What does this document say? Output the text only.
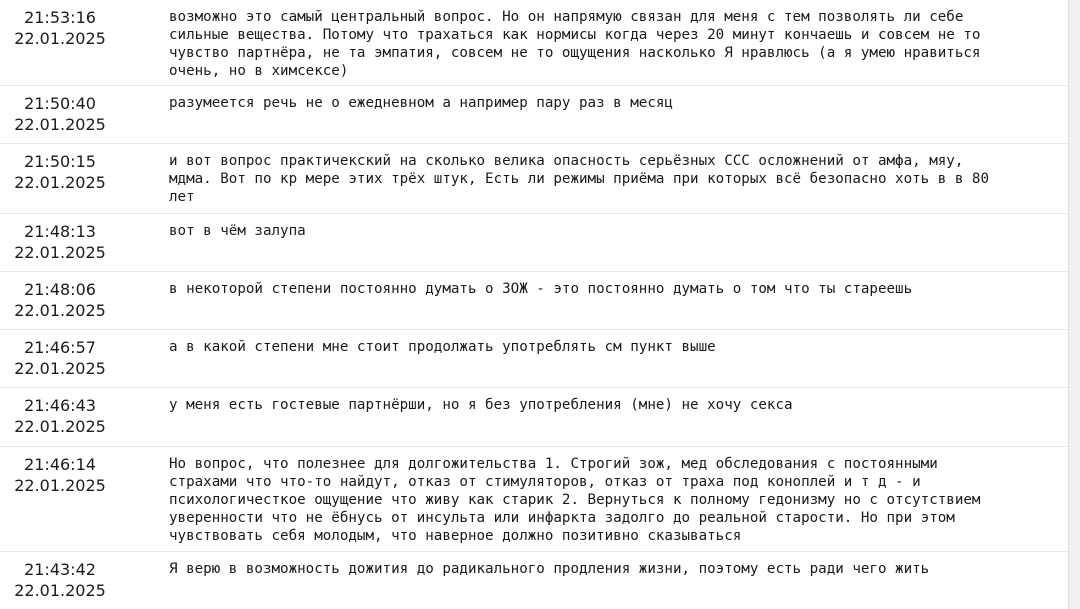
21:53:16
22.01.2025
возможно это самый центральный вопрос. Но он напрямую связан для меня с тем позволять ли себе
сильные вещества. Потому что трахаться как нормисы когда через 20 минут кончаешь и совсем не то
чувство партнёра, не та эмпатия, совсем не то ощущения насколько Я нравлюсь (а я умею нравиться
очень, но в химсексе)
21:50:40
22.01.2025
разумеется речь не о ежедневном а например пару раз в месяц
21:50:15
22.01.2025
и вот вопрос практичекский на сколько велика опасность серьёзных ССС осложнений от амфа, мяу,
мдма. Вот по кр мере этих трёх штук, Есть ли режимы приёма при которых всё безопасно хоть в в 80
лет
21:48:13
22.01.2025
вот в чём залупа
21:48:06
22.01.2025
в некоторой степени постоянно думать о ЗОЖ - это постоянно думать о том что ты стареешь
21:46:57
22.01.2025
а в какой степени мне стоит продолжать употреблять см пункт выше
21:46:43
22.01.2025
у меня есть гостевые партнёрши, но я без употребления (мне) не хочу секса
21:46:14
22.01.2025
Но вопрос, что полезнее для долгожительства 1. Строгий зож, мед обследования с постоянными
страхами что что-то найдут, отказ от стимуляторов, отказ от траха под коноплей и т д - и
психологичесткое ощущение что живу как старик 2. Вернуться к полному гедонизму но с отсутствием
уверенности что не ёбнусь от инсульта или инфаркта задолго до реальной старости. Но при этом
чувствовать себя молодым, что наверное должно позитивно сказываться
21:43:42
22.01.2025
Я верю в возможность дожития до радикального продления жизни, поэтому есть ради чего жить
